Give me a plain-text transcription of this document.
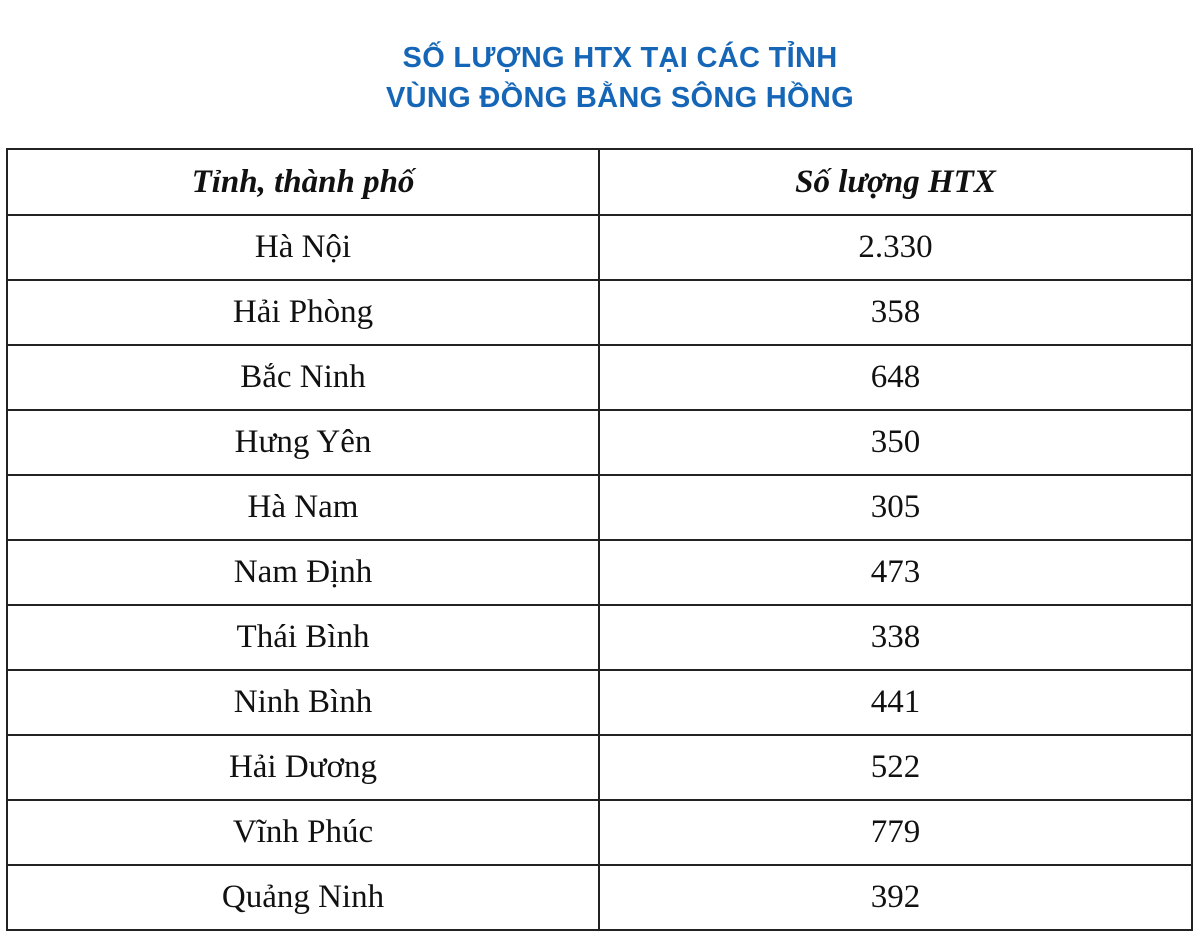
SỐ LƯỢNG HTX TẠI CÁC TỈNH
VÙNG ĐỒNG BẰNG SÔNG HỒNG
Tỉnh, thành phố	Số lượng HTX
Hà Nội	2.330
Hải Phòng	358
Bắc Ninh	648
Hưng Yên	350
Hà Nam	305
Nam Định	473
Thái Bình	338
Ninh Bình	441
Hải Dương	522
Vĩnh Phúc	779
Quảng Ninh	392
